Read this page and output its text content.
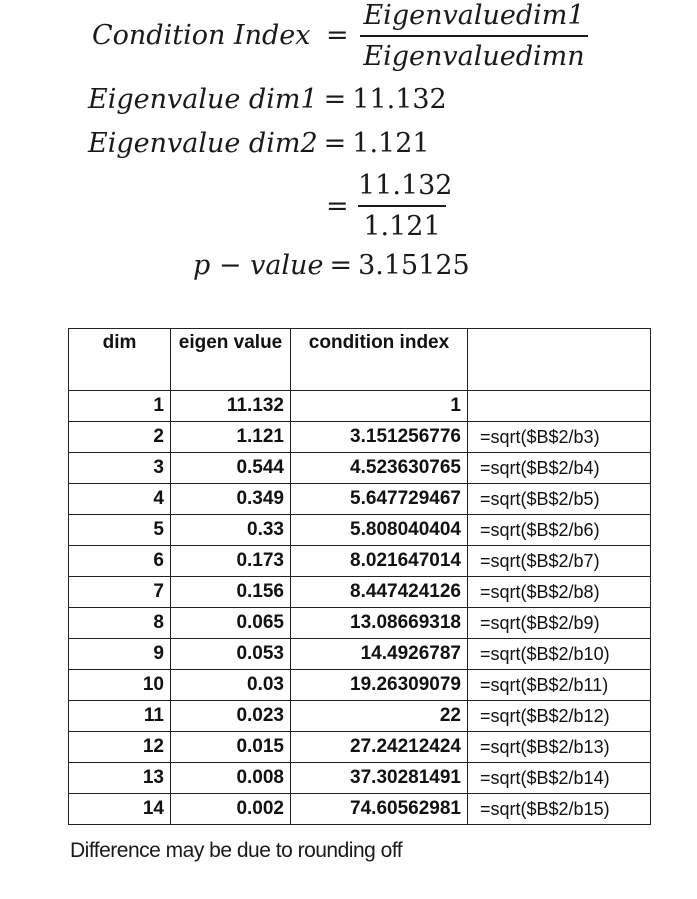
Condition Index =
Eigenvaluedim1
Eigenvaluedimn
Eigenvalue dim1 = 11.132
Eigenvalue dim2 = 1.121
=
11.132
1.121
p − value = 3.15125
dim	eigen value	condition index	
1	11.132	1	
2	1.121	3.151256776	=sqrt($B$2/b3)
3	0.544	4.523630765	=sqrt($B$2/b4)
4	0.349	5.647729467	=sqrt($B$2/b5)
5	0.33	5.808040404	=sqrt($B$2/b6)
6	0.173	8.021647014	=sqrt($B$2/b7)
7	0.156	8.447424126	=sqrt($B$2/b8)
8	0.065	13.08669318	=sqrt($B$2/b9)
9	0.053	14.4926787	=sqrt($B$2/b10)
10	0.03	19.26309079	=sqrt($B$2/b11)
11	0.023	22	=sqrt($B$2/b12)
12	0.015	27.24212424	=sqrt($B$2/b13)
13	0.008	37.30281491	=sqrt($B$2/b14)
14	0.002	74.60562981	=sqrt($B$2/b15)
Difference may be due to rounding off
